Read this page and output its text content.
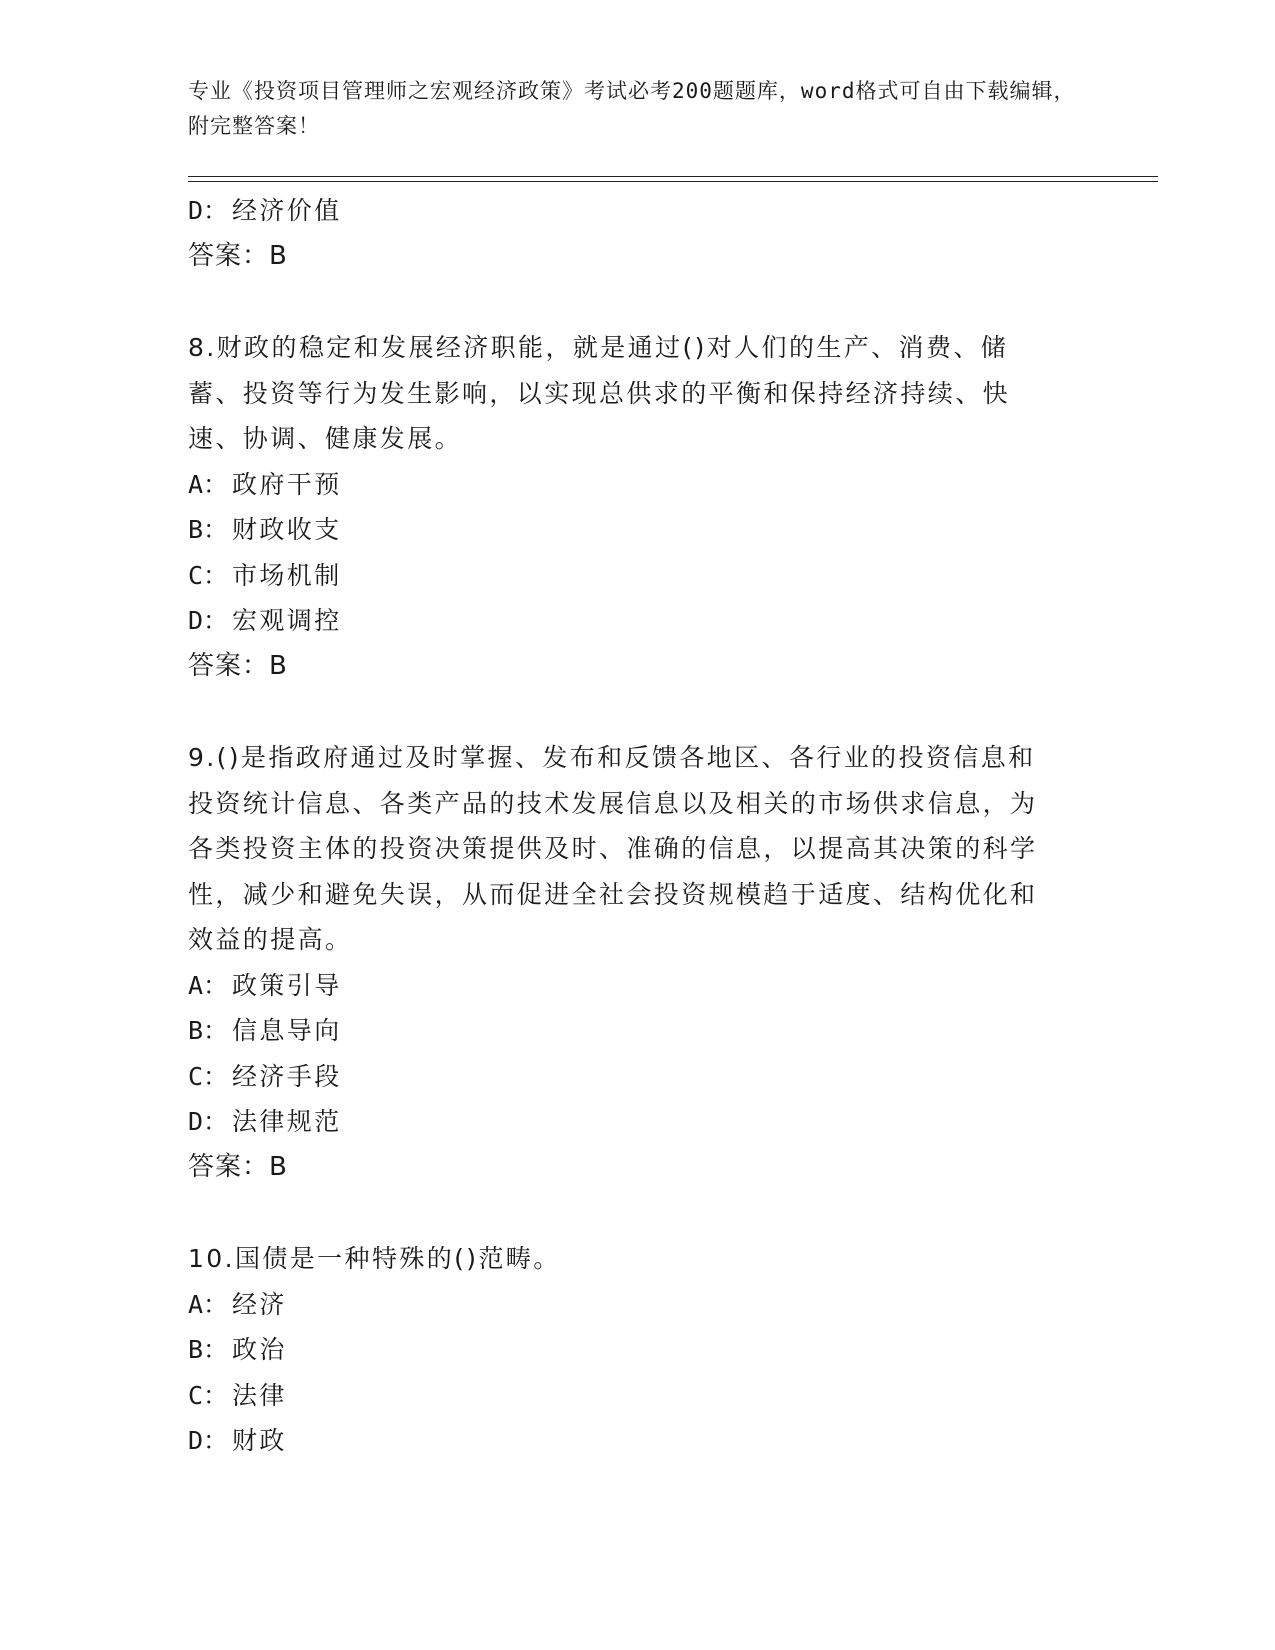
专业《投资项目管理师之宏观经济政策》考试必考200题题库，word格式可自由下载编辑，附完整答案！
D： 经济价值
答案：B
8.财政的稳定和发展经济职能，就是通过()对人们的生产、消费、储蓄、投资等行为发生影响，以实现总供求的平衡和保持经济持续、快速、协调、健康发展。
A： 政府干预
B： 财政收支
C： 市场机制
D： 宏观调控
答案：B
9.()是指政府通过及时掌握、发布和反馈各地区、各行业的投资信息和投资统计信息、各类产品的技术发展信息以及相关的市场供求信息，为各类投资主体的投资决策提供及时、准确的信息，以提高其决策的科学性，减少和避免失误，从而促进全社会投资规模趋于适度、结构优化和效益的提高。
A： 政策引导
B： 信息导向
C： 经济手段
D： 法律规范
答案：B
10.国债是一种特殊的()范畴。
A： 经济
B： 政治
C： 法律
D： 财政
